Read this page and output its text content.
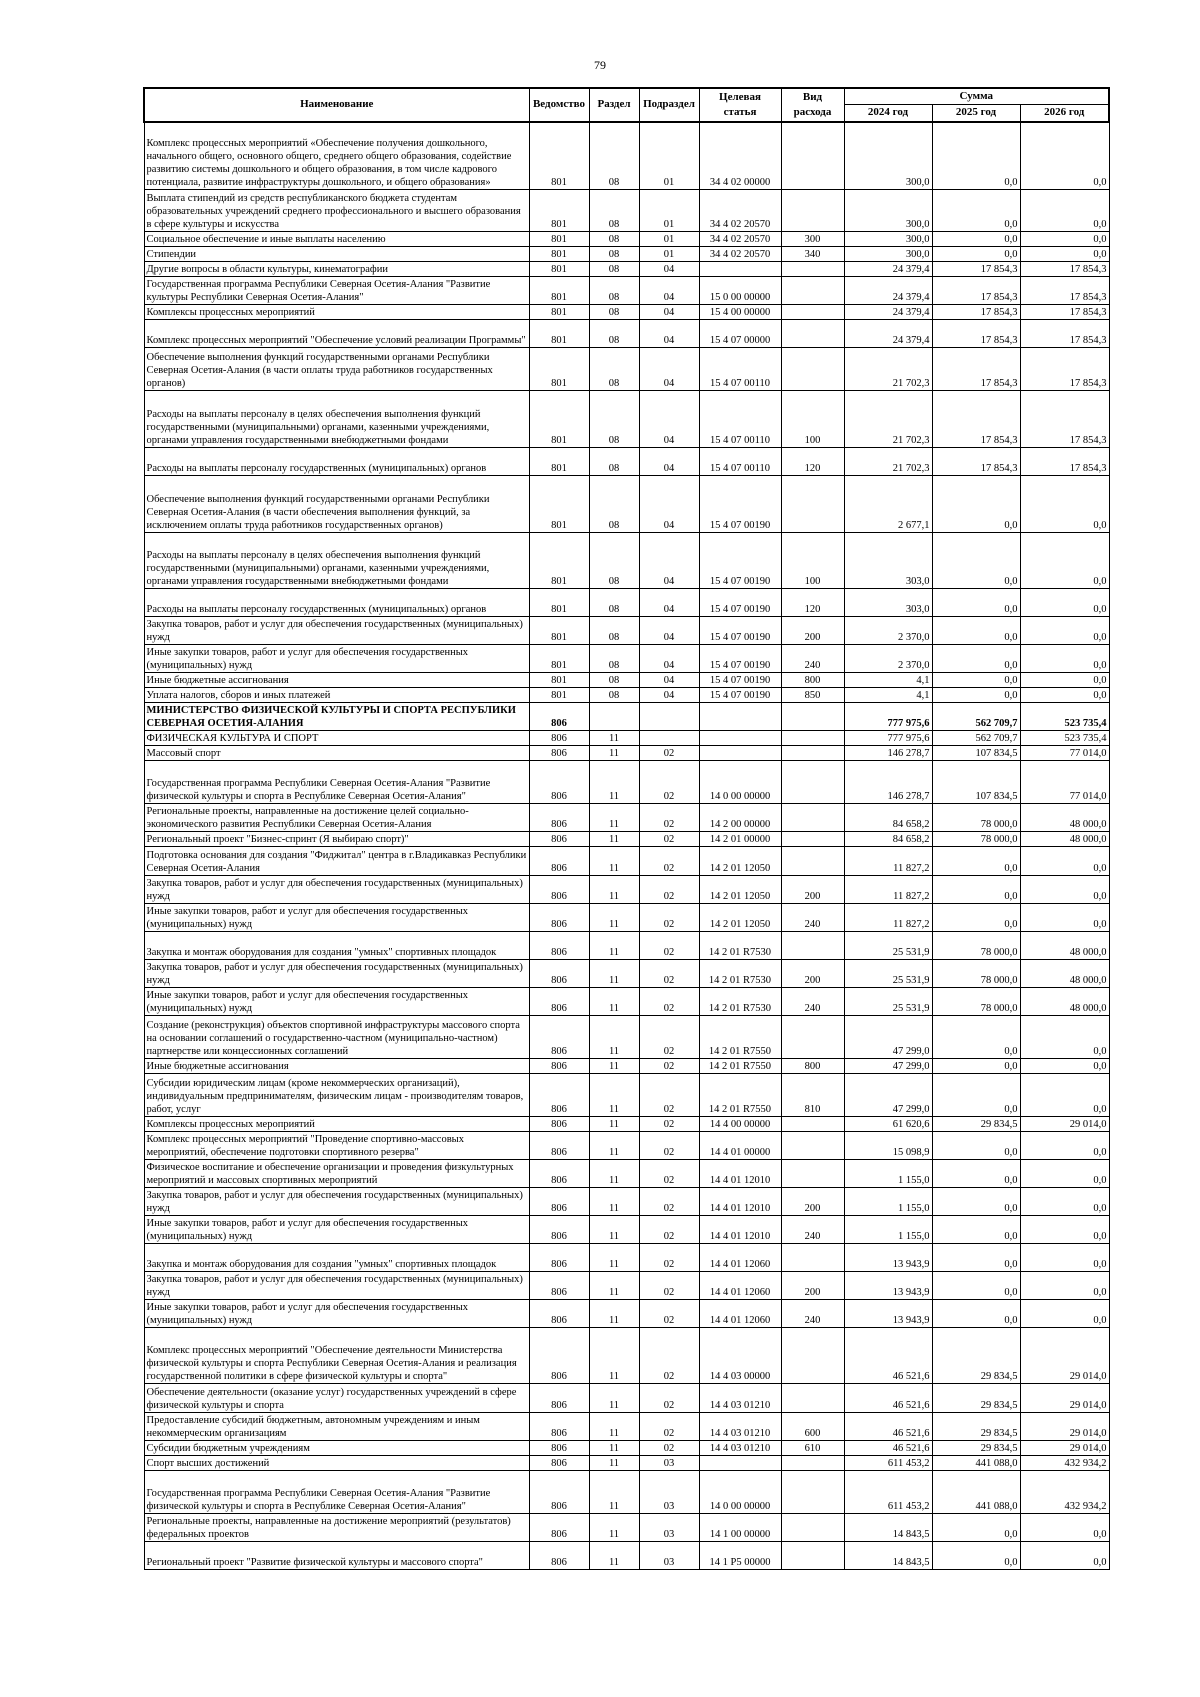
79
Наименование	Ведомство	Раздел	Подраздел	Целевая статья	Вид расхода	Сумма		
						2024 год	2025 год	2026 год
Комплекс процессных мероприятий «Обеспечение получения дошкольного, начального общего, основного общего, среднего общего образования, содействие развитию системы дошкольного и общего образования, в том числе кадрового потенциала, развитие инфраструктуры дошкольного, и общего образования»	801	08	01	34 4 02 00000		300,0	0,0	0,0
Выплата стипендий из средств республиканского бюджета студентам образовательных учреждений среднего профессионального и высшего образования в сфере культуры и искусства	801	08	01	34 4 02 20570		300,0	0,0	0,0
Социальное обеспечение и иные выплаты населению	801	08	01	34 4 02 20570	300	300,0	0,0	0,0
Стипендии	801	08	01	34 4 02 20570	340	300,0	0,0	0,0
Другие вопросы в области культуры, кинематографии	801	08	04			24 379,4	17 854,3	17 854,3
Государственная программа Республики Северная Осетия-Алания "Развитие культуры Республики Северная Осетия-Алания"	801	08	04	15 0 00 00000		24 379,4	17 854,3	17 854,3
Комплексы процессных мероприятий	801	08	04	15 4 00 00000		24 379,4	17 854,3	17 854,3
Комплекс процессных мероприятий "Обеспечение условий реализации Программы"	801	08	04	15 4 07 00000		24 379,4	17 854,3	17 854,3
Обеспечение выполнения функций государственными органами Республики Северная Осетия-Алания (в части оплаты труда работников государственных органов)	801	08	04	15 4 07 00110		21 702,3	17 854,3	17 854,3
Расходы на выплаты персоналу в целях обеспечения выполнения функций государственными (муниципальными) органами, казенными учреждениями, органами управления государственными внебюджетными фондами	801	08	04	15 4 07 00110	100	21 702,3	17 854,3	17 854,3
Расходы на выплаты персоналу государственных (муниципальных) органов	801	08	04	15 4 07 00110	120	21 702,3	17 854,3	17 854,3
Обеспечение выполнения функций государственными органами Республики Северная Осетия-Алания (в части обеспечения выполнения функций, за исключением оплаты труда работников государственных органов)	801	08	04	15 4 07 00190		2 677,1	0,0	0,0
Расходы на выплаты персоналу в целях обеспечения выполнения функций государственными (муниципальными) органами, казенными учреждениями, органами управления государственными внебюджетными фондами	801	08	04	15 4 07 00190	100	303,0	0,0	0,0
Расходы на выплаты персоналу государственных (муниципальных) органов	801	08	04	15 4 07 00190	120	303,0	0,0	0,0
Закупка товаров, работ и услуг для обеспечения государственных (муниципальных) нужд	801	08	04	15 4 07 00190	200	2 370,0	0,0	0,0
Иные закупки товаров, работ и услуг для обеспечения государственных (муниципальных) нужд	801	08	04	15 4 07 00190	240	2 370,0	0,0	0,0
Иные бюджетные ассигнования	801	08	04	15 4 07 00190	800	4,1	0,0	0,0
Уплата налогов, сборов и иных платежей	801	08	04	15 4 07 00190	850	4,1	0,0	0,0
МИНИСТЕРСТВО ФИЗИЧЕСКОЙ КУЛЬТУРЫ И СПОРТА РЕСПУБЛИКИ СЕВЕРНАЯ ОСЕТИЯ-АЛАНИЯ	806					777 975,6	562 709,7	523 735,4
ФИЗИЧЕСКАЯ КУЛЬТУРА И СПОРТ	806	11				777 975,6	562 709,7	523 735,4
Массовый спорт	806	11	02			146 278,7	107 834,5	77 014,0
Государственная программа Республики Северная Осетия-Алания "Развитие физической культуры и спорта в Республике Северная Осетия-Алания"	806	11	02	14 0 00 00000		146 278,7	107 834,5	77 014,0
Региональные проекты, направленные на достижение целей социально-экономического развития Республики Северная Осетия-Алания	806	11	02	14 2 00 00000		84 658,2	78 000,0	48 000,0
Региональный проект "Бизнес-спринт (Я выбираю спорт)"	806	11	02	14 2 01 00000		84 658,2	78 000,0	48 000,0
Подготовка основания для создания "Фиджитал" центра в г.Владикавказ Республики Северная Осетия-Алания	806	11	02	14 2 01 12050		11 827,2	0,0	0,0
Закупка товаров, работ и услуг для обеспечения государственных (муниципальных) нужд	806	11	02	14 2 01 12050	200	11 827,2	0,0	0,0
Иные закупки товаров, работ и услуг для обеспечения государственных (муниципальных) нужд	806	11	02	14 2 01 12050	240	11 827,2	0,0	0,0
Закупка и монтаж оборудования для создания "умных" спортивных площадок	806	11	02	14 2 01 R7530		25 531,9	78 000,0	48 000,0
Закупка товаров, работ и услуг для обеспечения государственных (муниципальных) нужд	806	11	02	14 2 01 R7530	200	25 531,9	78 000,0	48 000,0
Иные закупки товаров, работ и услуг для обеспечения государственных (муниципальных) нужд	806	11	02	14 2 01 R7530	240	25 531,9	78 000,0	48 000,0
Создание (реконструкция) объектов спортивной инфраструктуры массового спорта на основании соглашений о государственно-частном (муниципально-частном) партнерстве или концессионных соглашений	806	11	02	14 2 01 R7550		47 299,0	0,0	0,0
Иные бюджетные ассигнования	806	11	02	14 2 01 R7550	800	47 299,0	0,0	0,0
Субсидии юридическим лицам (кроме некоммерческих организаций), индивидуальным предпринимателям, физическим лицам - производителям товаров, работ, услуг	806	11	02	14 2 01 R7550	810	47 299,0	0,0	0,0
Комплексы процессных мероприятий	806	11	02	14 4 00 00000		61 620,6	29 834,5	29 014,0
Комплекс процессных мероприятий "Проведение спортивно-массовых мероприятий, обеспечение подготовки спортивного резерва"	806	11	02	14 4 01 00000		15 098,9	0,0	0,0
Физическое воспитание и обеспечение организации и проведения физкультурных мероприятий и массовых спортивных мероприятий	806	11	02	14 4 01 12010		1 155,0	0,0	0,0
Закупка товаров, работ и услуг для обеспечения государственных (муниципальных) нужд	806	11	02	14 4 01 12010	200	1 155,0	0,0	0,0
Иные закупки товаров, работ и услуг для обеспечения государственных (муниципальных) нужд	806	11	02	14 4 01 12010	240	1 155,0	0,0	0,0
Закупка и монтаж оборудования для создания "умных" спортивных площадок	806	11	02	14 4 01 12060		13 943,9	0,0	0,0
Закупка товаров, работ и услуг для обеспечения государственных (муниципальных) нужд	806	11	02	14 4 01 12060	200	13 943,9	0,0	0,0
Иные закупки товаров, работ и услуг для обеспечения государственных (муниципальных) нужд	806	11	02	14 4 01 12060	240	13 943,9	0,0	0,0
Комплекс процессных мероприятий "Обеспечение деятельности Министерства физической культуры и спорта Республики Северная Осетия-Алания и реализация государственной политики в сфере физической культуры и спорта"	806	11	02	14 4 03 00000		46 521,6	29 834,5	29 014,0
Обеспечение деятельности (оказание услуг) государственных учреждений в сфере физической культуры и спорта	806	11	02	14 4 03 01210		46 521,6	29 834,5	29 014,0
Предоставление субсидий бюджетным, автономным учреждениям и иным некоммерческим организациям	806	11	02	14 4 03 01210	600	46 521,6	29 834,5	29 014,0
Субсидии бюджетным учреждениям	806	11	02	14 4 03 01210	610	46 521,6	29 834,5	29 014,0
Спорт высших достижений	806	11	03			611 453,2	441 088,0	432 934,2
Государственная программа Республики Северная Осетия-Алания "Развитие физической культуры и спорта в Республике Северная Осетия-Алания"	806	11	03	14 0 00 00000		611 453,2	441 088,0	432 934,2
Региональные проекты, направленные на достижение мероприятий (результатов) федеральных проектов	806	11	03	14 1 00 00000		14 843,5	0,0	0,0
Региональный проект "Развитие физической культуры и массового спорта"	806	11	03	14 1 P5 00000		14 843,5	0,0	0,0
